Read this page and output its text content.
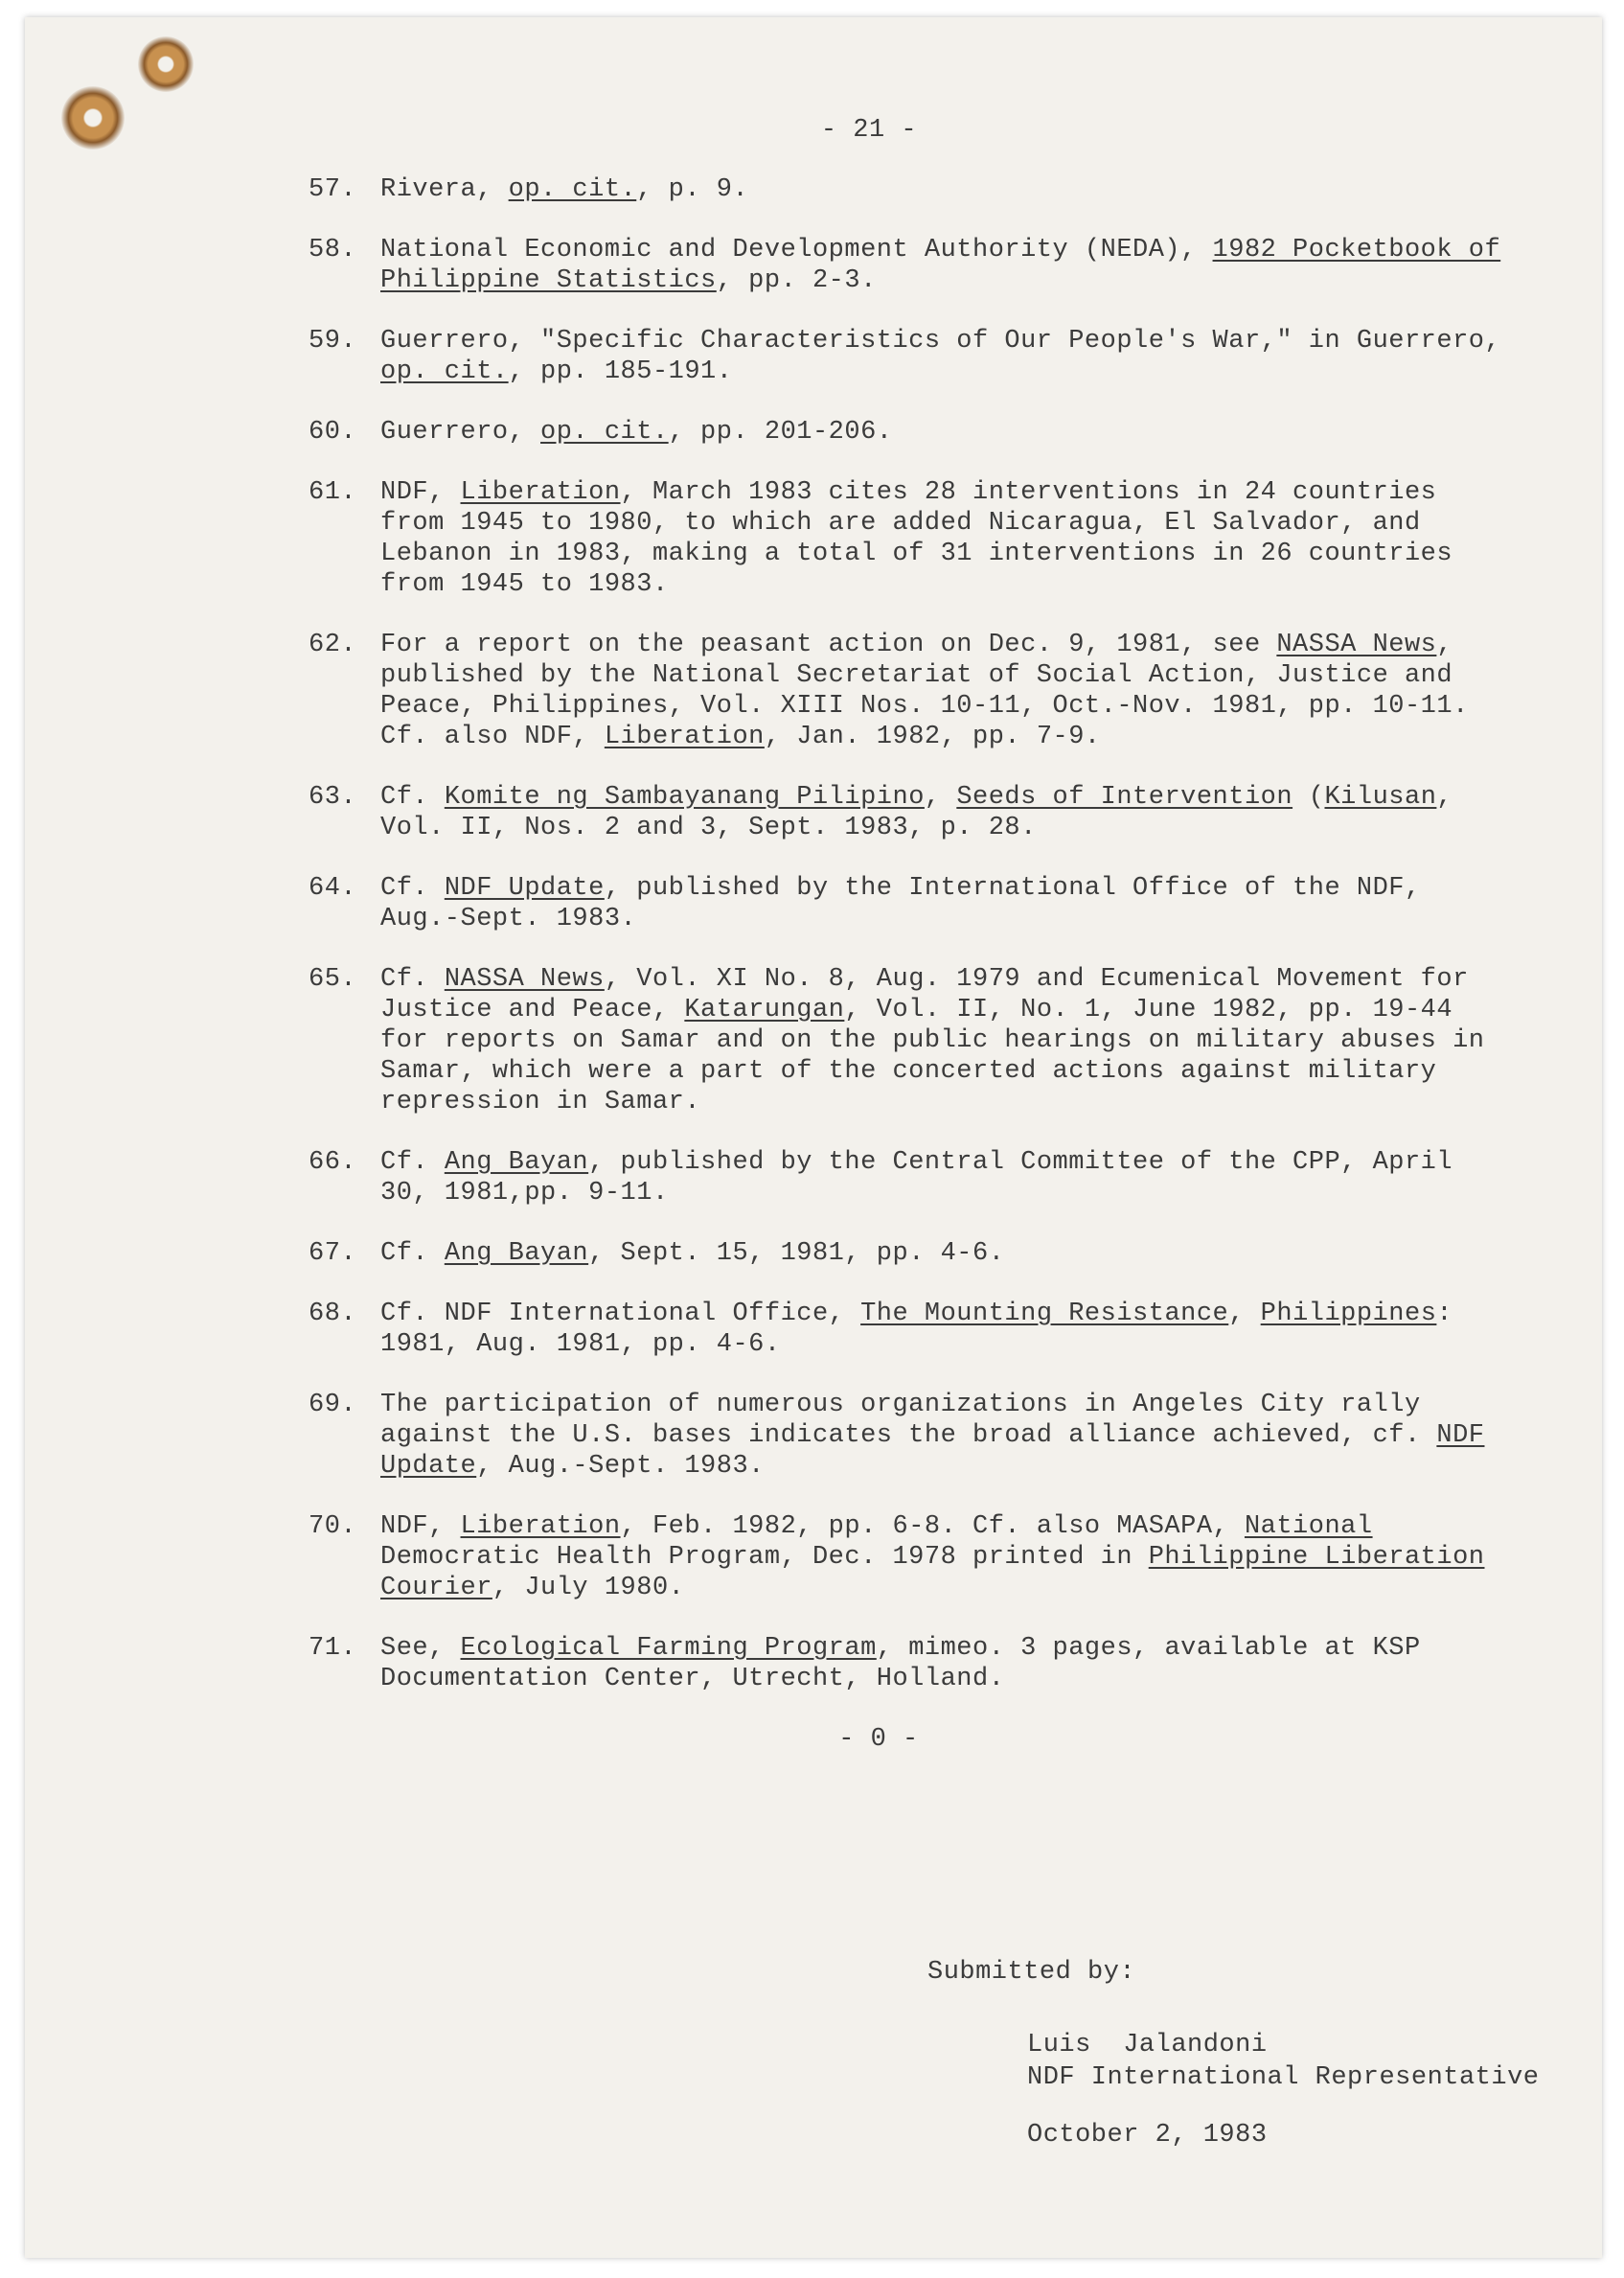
- 21 -
57. Rivera, op. cit., p. 9.
58. National Economic and Development Authority (NEDA), 1982 Pocketbook of Philippine Statistics, pp. 2-3.
59. Guerrero, "Specific Characteristics of Our People's War," in Guerrero, op. cit., pp. 185-191.
60. Guerrero, op. cit., pp. 201-206.
61. NDF, Liberation, March 1983 cites 28 interventions in 24 countries from 1945 to 1980, to which are added Nicaragua, El Salvador, and Lebanon in 1983, making a total of 31 interventions in 26 countries from 1945 to 1983.
62. For a report on the peasant action on Dec. 9, 1981, see NASSA News, published by the National Secretariat of Social Action, Justice and Peace, Philippines, Vol. XIII Nos. 10-11, Oct.-Nov. 1981, pp. 10-11. Cf. also NDF, Liberation, Jan. 1982, pp. 7-9.
63. Cf. Komite ng Sambayanang Pilipino, Seeds of Intervention (Kilusan, Vol. II, Nos. 2 and 3, Sept. 1983, p. 28.
64. Cf. NDF Update, published by the International Office of the NDF, Aug.-Sept. 1983.
65. Cf. NASSA News, Vol. XI No. 8, Aug. 1979 and Ecumenical Movement for Justice and Peace, Katarungan, Vol. II, No. 1, June 1982, pp. 19-44 for reports on Samar and on the public hearings on military abuses in Samar, which were a part of the concerted actions against military repression in Samar.
66. Cf. Ang Bayan, published by the Central Committee of the CPP, April 30, 1981,pp. 9-11.
67. Cf. Ang Bayan, Sept. 15, 1981, pp. 4-6.
68. Cf. NDF International Office, The Mounting Resistance, Philippines: 1981, Aug. 1981, pp. 4-6.
69. The participation of numerous organizations in Angeles City rally against the U.S. bases indicates the broad alliance achieved, cf. NDF Update, Aug.-Sept. 1983.
70. NDF, Liberation, Feb. 1982, pp. 6-8. Cf. also MASAPA, National Democratic Health Program, Dec. 1978 printed in Philippine Liberation Courier, July 1980.
71. See, Ecological Farming Program, mimeo. 3 pages, available at KSP Documentation Center, Utrecht, Holland.
- 0 -
Submitted by:
Luis  Jalandoni
NDF International Representative
October 2, 1983
